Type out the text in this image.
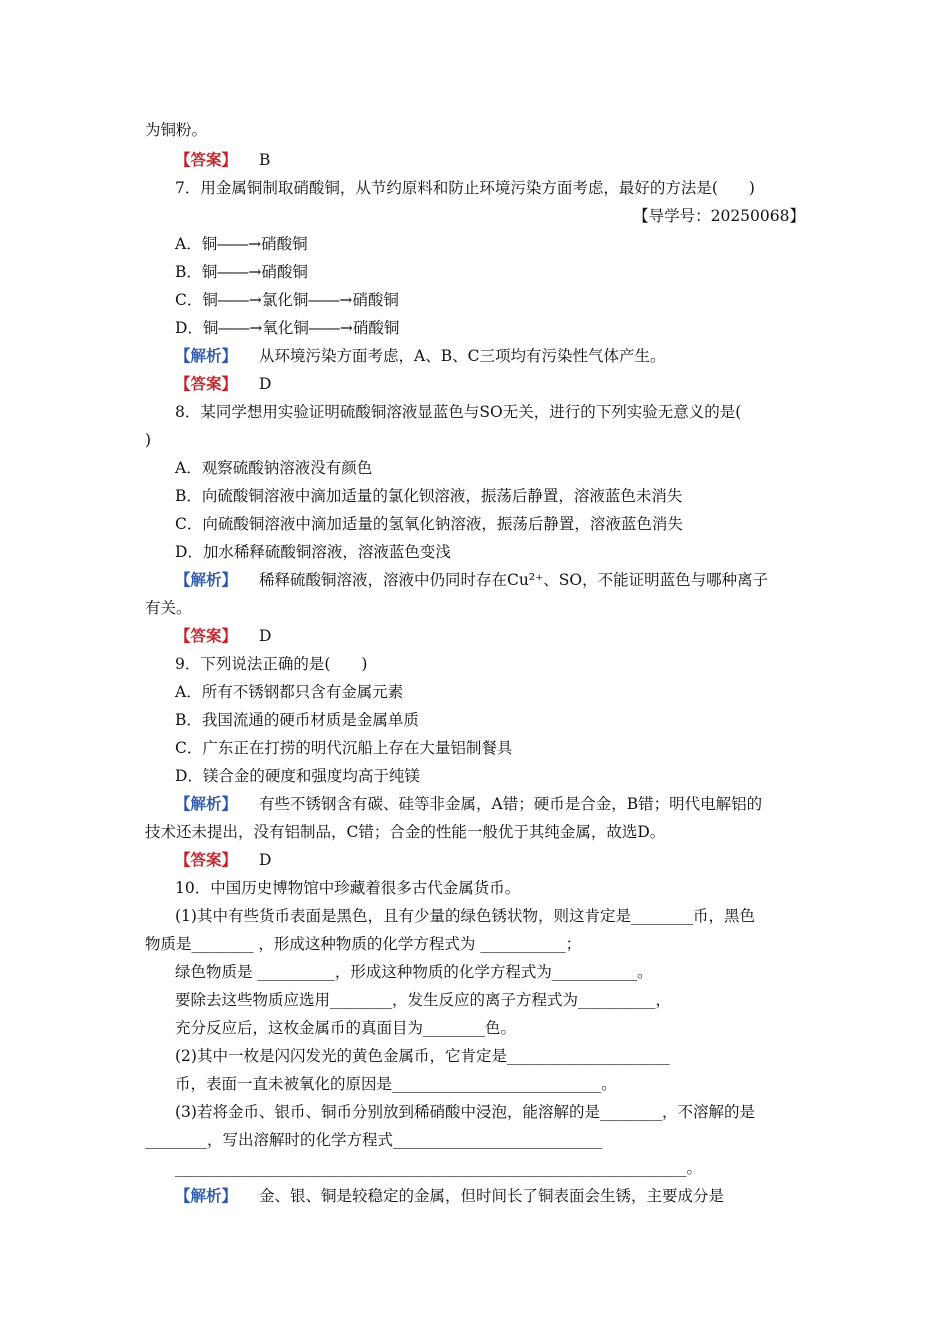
为铜粉。
【答案】 B
7．用金属铜制取硝酸铜，从节约原料和防止环境污染方面考虑，最好的方法是(　　)
【导学号：20250068】
A．铜――→硝酸铜
B．铜――→硝酸铜
C．铜――→氯化铜――→硝酸铜
D．铜――→氧化铜――→硝酸铜
【解析】 从环境污染方面考虑，A、B、C三项均有污染性气体产生。
【答案】 D
8．某同学想用实验证明硫酸铜溶液显蓝色与SO无关，进行的下列实验无意义的是(
)
A．观察硫酸钠溶液没有颜色
B．向硫酸铜溶液中滴加适量的氯化钡溶液，振荡后静置，溶液蓝色未消失
C．向硫酸铜溶液中滴加适量的氢氧化钠溶液，振荡后静置，溶液蓝色消失
D．加水稀释硫酸铜溶液，溶液蓝色变浅
【解析】 稀释硫酸铜溶液，溶液中仍同时存在Cu²⁺、SO，不能证明蓝色与哪种离子
有关。
【答案】 D
9．下列说法正确的是(　　)
A．所有不锈钢都只含有金属元素
B．我国流通的硬币材质是金属单质
C．广东正在打捞的明代沉船上存在大量铝制餐具
D．镁合金的硬度和强度均高于纯镁
【解析】 有些不锈钢含有碳、硅等非金属，A错；硬币是合金，B错；明代电解铝的
技术还未提出，没有铝制品，C错；合金的性能一般优于其纯金属，故选D。
【答案】 D
10．中国历史博物馆中珍藏着很多古代金属货币。
(1)其中有些货币表面是黑色，且有少量的绿色锈状物，则这肯定是________币，黑色
物质是________ ，形成这种物质的化学方程式为 ___________；
绿色物质是 __________，形成这种物质的化学方程式为___________。
要除去这些物质应选用________，发生反应的离子方程式为__________，
充分反应后，这枚金属币的真面目为________色。
(2)其中一枚是闪闪发光的黄色金属币，它肯定是_____________________
币，表面一直未被氧化的原因是___________________________。
(3)若将金币、银币、铜币分别放到稀硝酸中浸泡，能溶解的是________，不溶解的是
________，写出溶解时的化学方程式___________________________
__________________________________________________________________。
【解析】 金、银、铜是较稳定的金属，但时间长了铜表面会生锈，主要成分是
